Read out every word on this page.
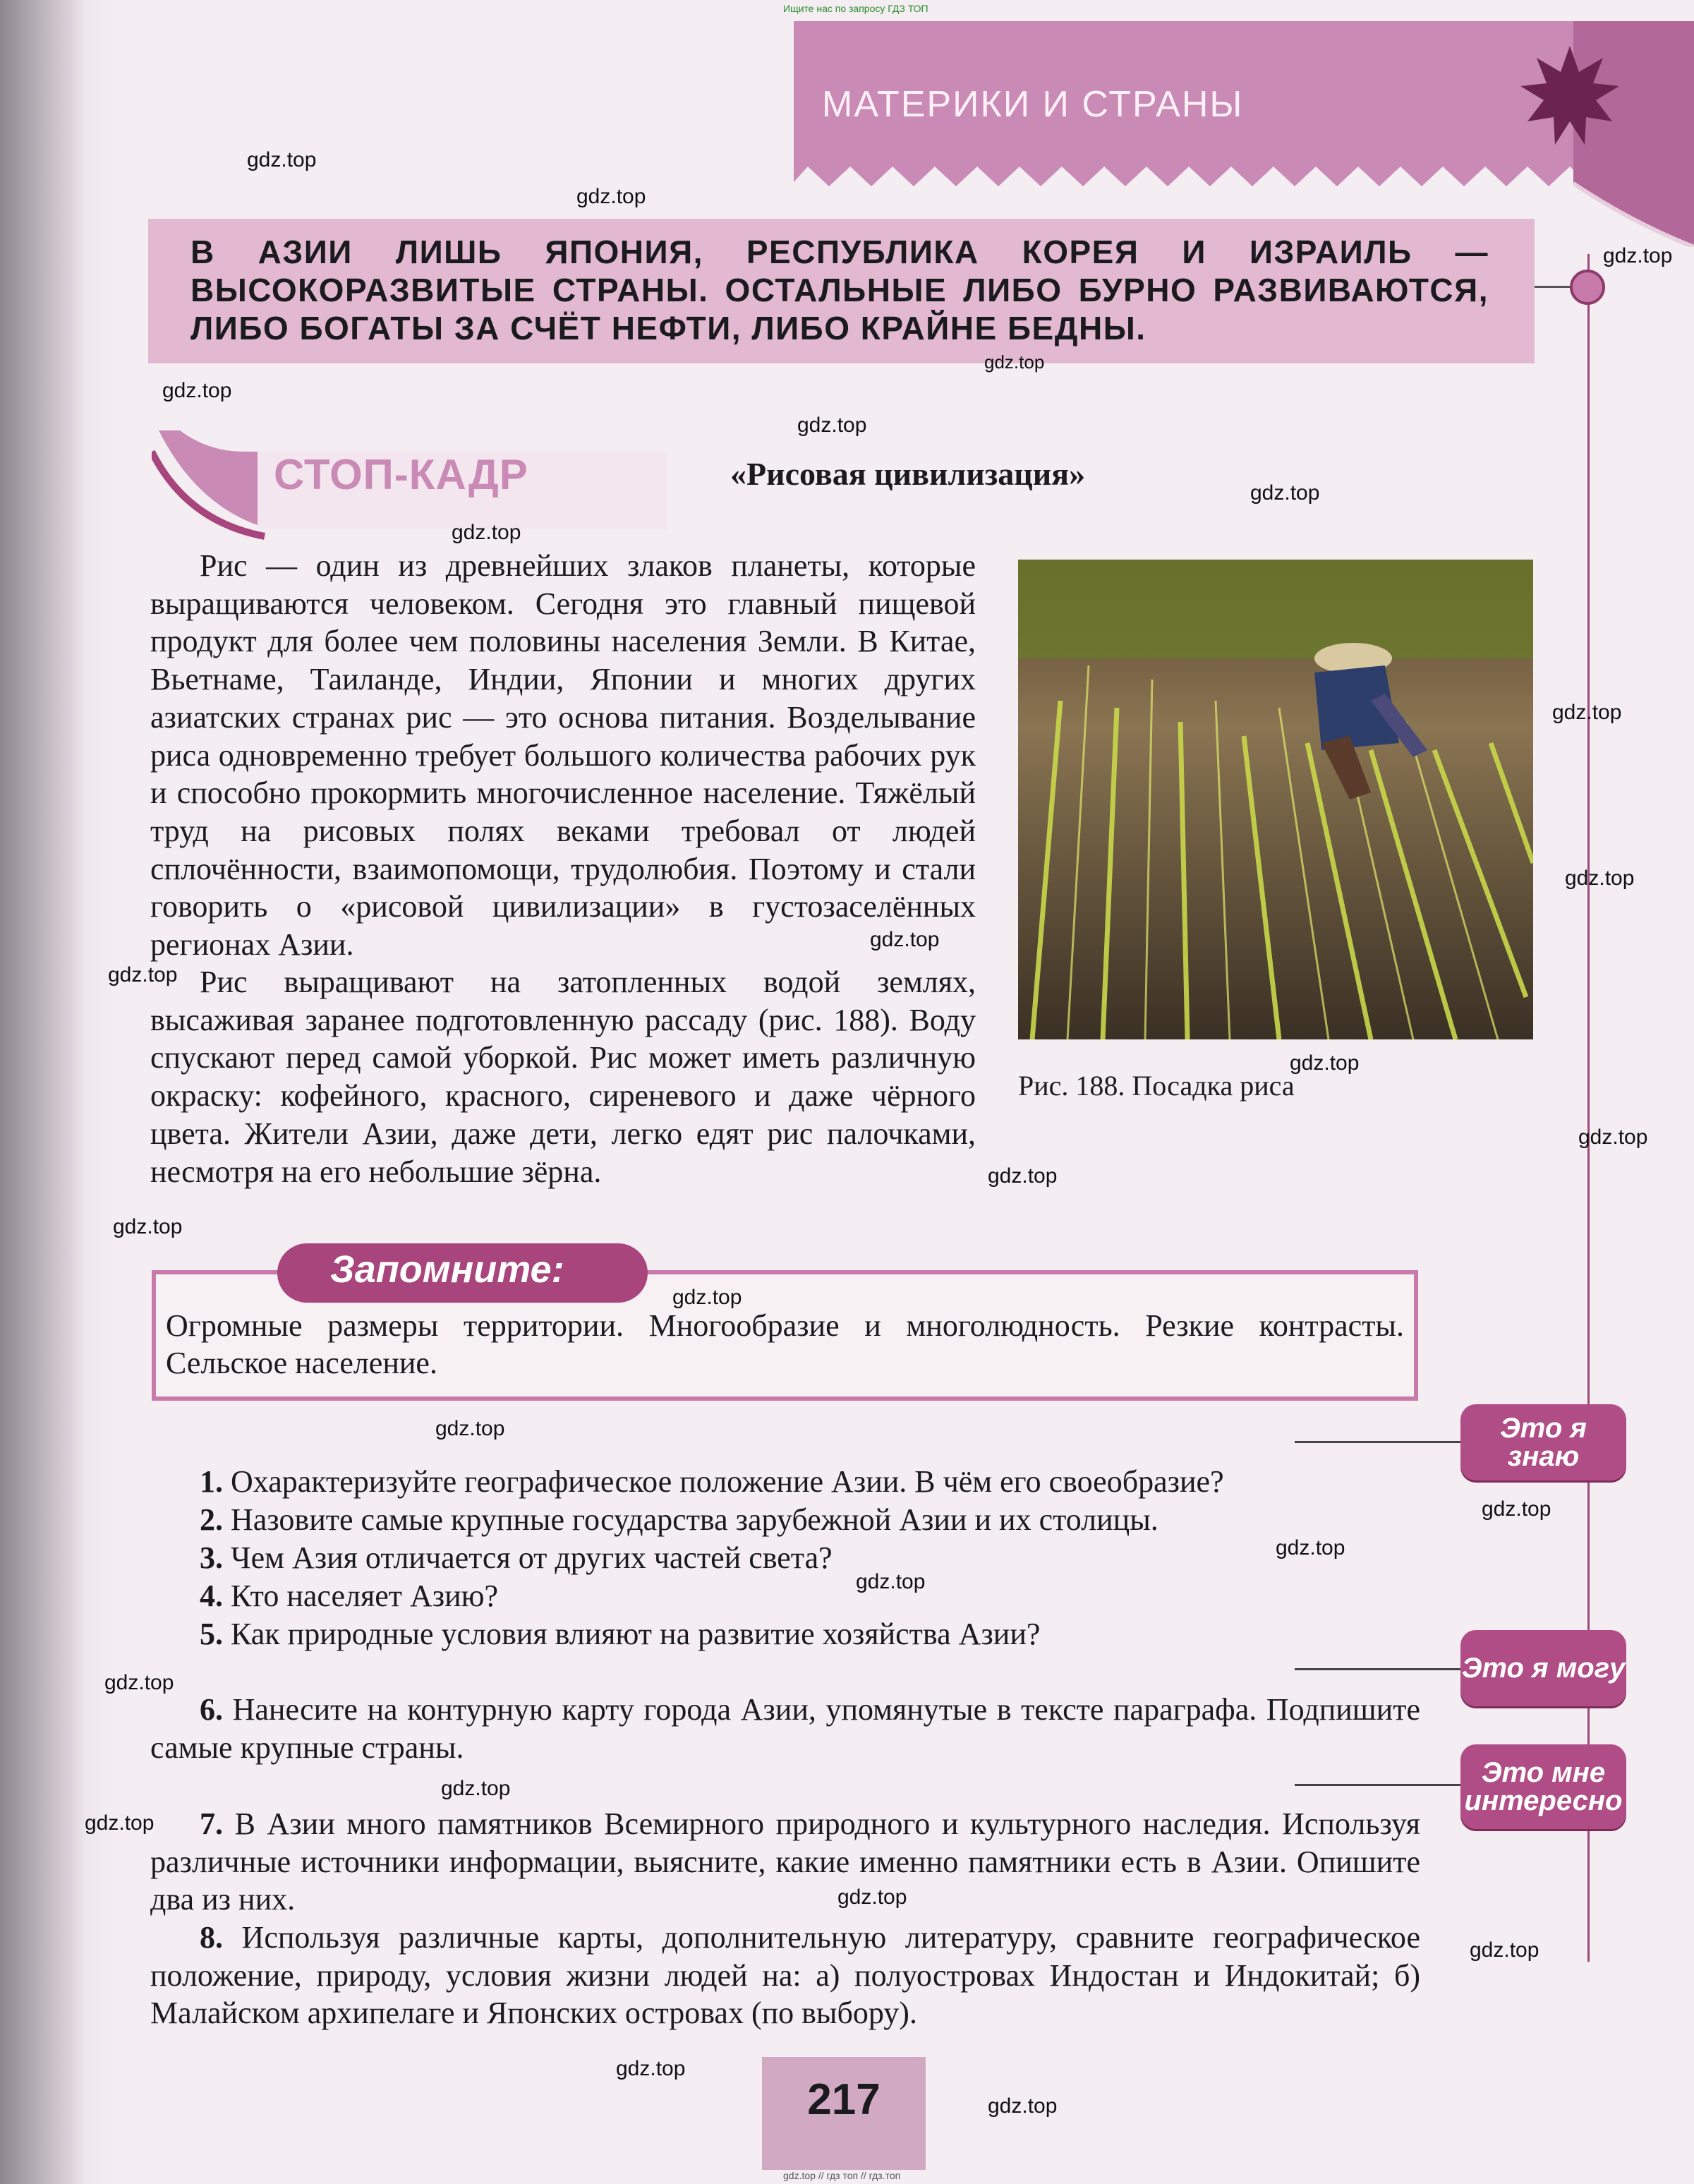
Ищите нас по запросу ГДЗ ТОП
МАТЕРИКИ И СТРАНЫ
В АЗИИ ЛИШЬ ЯПОНИЯ, РЕСПУБЛИКА КОРЕЯ И ИЗРАИЛЬ — ВЫСОКОРАЗВИТЫЕ СТРАНЫ. ОСТАЛЬНЫЕ ЛИБО БУРНО РАЗВИВАЮТСЯ, ЛИБО БОГАТЫ ЗА СЧЁТ НЕФТИ, ЛИБО КРАЙНЕ БЕДНЫ.
СТОП-КАДР	«Рисовая цивилизация»

Рис — один из древнейших злаков планеты, которые выращиваются человеком. Сегодня это главный пищевой продукт для более чем половины населения Земли. В Китае, Вьетнаме, Таиланде, Индии, Японии и многих других азиатских странах рис — это основа питания. Возделывание риса одновременно требует большого количества рабочих рук и способно прокормить многочисленное население. Тяжёлый труд на рисовых полях веками требовал от людей сплочённости, взаимопомощи, трудолюбия. Поэтому и стали говорить о «рисовой цивилизации» в густозаселённых регионах Азии.

Рис выращивают на затопленных водой землях, высаживая заранее подготовленную рассаду (рис. 188). Воду спускают перед самой уборкой. Рис может иметь различную окраску: кофейного, красного, сиреневого и даже чёрного цвета. Жители Азии, даже дети, легко едят рис палочками, несмотря на его небольшие зёрна.

Рис. 188. Посадка риса
Запомните:
Огромные размеры территории. Многообразие и многолюдность. Резкие контрасты. Сельское население.
1. Охарактеризуйте географическое положение Азии. В чём его своеобразие?
2. Назовите самые крупные государства зарубежной Азии и их столицы.
3. Чем Азия отличается от других частей света?
4. Кто населяет Азию?
5. Как природные условия влияют на развитие хозяйства Азии?
6. Нанесите на контурную карту города Азии, упомянутые в тексте параграфа. Подпишите самые крупные страны.
7. В Азии много памятников Всемирного природного и культурного наследия. Используя различные источники информации, выясните, какие именно памятники есть в Азии. Опишите два из них.
8. Используя различные карты, дополнительную литературу, сравните географическое положение, природу, условия жизни людей на: а) полуостровах Индостан и Индокитай; б) Малайском архипелаге и Японских островах (по выбору).
Это я знаю
Это я могу
Это мне
интересно
217
gdz.top
gdz.top
gdz.top
gdz.top
gdz.top
gdz.top
gdz.top
gdz.top
gdz.top
gdz.top
gdz.top
gdz.top
gdz.top
gdz.top
gdz.top
gdz.top
gdz.top
gdz.top
gdz.top
gdz.top
gdz.top
gdz.top
gdz.top
gdz.top
gdz.top
gdz.top
gdz.top
gdz.top
gdz.top // гдз топ // гдз.топ
